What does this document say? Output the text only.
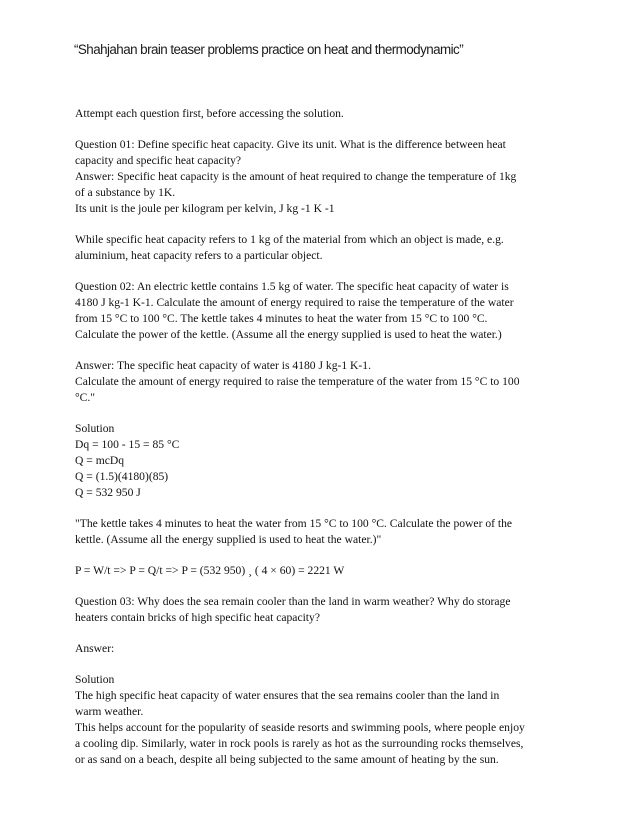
“Shahjahan brain teaser problems practice on heat and thermodynamic”

Attempt each question first, before accessing the solution.

Question 01: Define specific heat capacity. Give its unit. What is the difference between heat
capacity and specific heat capacity?
Answer: Specific heat capacity is the amount of heat required to change the temperature of 1kg
of a substance by 1K.
Its unit is the joule per kilogram per kelvin, J kg -1 K -1

While specific heat capacity refers to 1 kg of the material from which an object is made, e.g.
aluminium, heat capacity refers to a particular object.

Question 02: An electric kettle contains 1.5 kg of water. The specific heat capacity of water is
4180 J kg-1 K-1. Calculate the amount of energy required to raise the temperature of the water
from 15 °C to 100 °C. The kettle takes 4 minutes to heat the water from 15 °C to 100 °C.
Calculate the power of the kettle. (Assume all the energy supplied is used to heat the water.)

Answer: The specific heat capacity of water is 4180 J kg-1 K-1.
Calculate the amount of energy required to raise the temperature of the water from 15 °C to 100
°C."

Solution
Dq = 100 - 15 = 85 °C
Q = mcDq
Q = (1.5)(4180)(85)
Q = 532 950 J

"The kettle takes 4 minutes to heat the water from 15 °C to 100 °C. Calculate the power of the
kettle. (Assume all the energy supplied is used to heat the water.)"

P = W/t => P = Q/t => P = (532 950) ¸ ( 4 × 60) = 2221 W

Question 03: Why does the sea remain cooler than the land in warm weather? Why do storage
heaters contain bricks of high specific heat capacity?

Answer:

Solution
The high specific heat capacity of water ensures that the sea remains cooler than the land in
warm weather.
This helps account for the popularity of seaside resorts and swimming pools, where people enjoy
a cooling dip. Similarly, water in rock pools is rarely as hot as the surrounding rocks themselves,
or as sand on a beach, despite all being subjected to the same amount of heating by the sun.
